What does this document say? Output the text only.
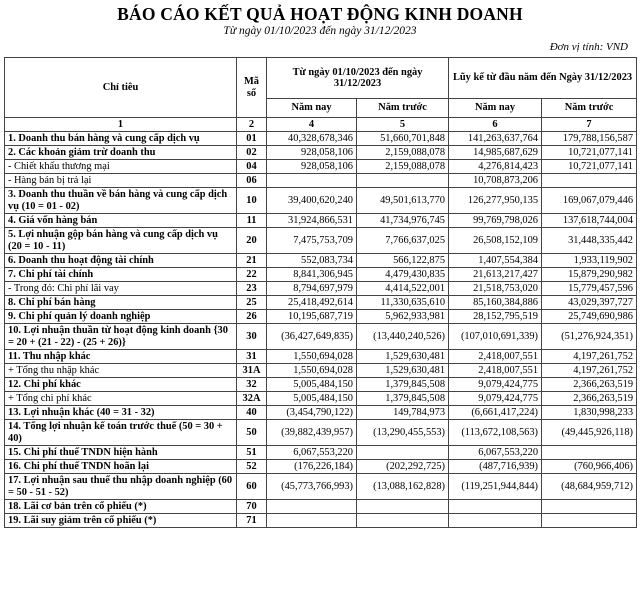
BÁO CÁO KẾT QUẢ HOẠT ĐỘNG KINH DOANH
Từ ngày 01/10/2023 đến ngày 31/12/2023
Đơn vị tính: VND
Chỉ tiêu	Mã số	Từ ngày 01/10/2023 đến ngày 31/12/2023		Lũy kế từ đầu năm đến Ngày 31/12/2023	
		Năm nay	Năm trước	Năm nay	Năm trước
1	2	4	5	6	7
1. Doanh thu bán hàng và cung cấp dịch vụ	01	40,328,678,346	51,660,701,848	141,263,637,764	179,788,156,587
2. Các khoản giảm trừ doanh thu	02	928,058,106	2,159,088,078	14,985,687,629	10,721,077,141
- Chiết khấu thương mại	04	928,058,106	2,159,088,078	4,276,814,423	10,721,077,141
- Hàng bán bị trả lại	06			10,708,873,206	
3. Doanh thu thuần về bán hàng và cung cấp dịch vụ (10 = 01 - 02)	10	39,400,620,240	49,501,613,770	126,277,950,135	169,067,079,446
4. Giá vốn hàng bán	11	31,924,866,531	41,734,976,745	99,769,798,026	137,618,744,004
5. Lợi nhuận gộp bán hàng và cung cấp dịch vụ (20 = 10 - 11)	20	7,475,753,709	7,766,637,025	26,508,152,109	31,448,335,442
6. Doanh thu hoạt động tài chính	21	552,083,734	566,122,875	1,407,554,384	1,933,119,902
7. Chi phí tài chính	22	8,841,306,945	4,479,430,835	21,613,217,427	15,879,290,982
- Trong đó: Chi phí lãi vay	23	8,794,697,979	4,414,522,001	21,518,753,020	15,779,457,596
8. Chi phí bán hàng	25	25,418,492,614	11,330,635,610	85,160,384,886	43,029,397,727
9. Chi phí quản lý doanh nghiệp	26	10,195,687,719	5,962,933,981	28,152,795,519	25,749,690,986
10. Lợi nhuận thuần từ hoạt động kinh doanh {30 = 20 + (21 - 22) - (25 + 26)}	30	(36,427,649,835)	(13,440,240,526)	(107,010,691,339)	(51,276,924,351)
11. Thu nhập khác	31	1,550,694,028	1,529,630,481	2,418,007,551	4,197,261,752
+ Tổng thu nhập khác	31A	1,550,694,028	1,529,630,481	2,418,007,551	4,197,261,752
12. Chi phí khác	32	5,005,484,150	1,379,845,508	9,079,424,775	2,366,263,519
+ Tổng chi phí khác	32A	5,005,484,150	1,379,845,508	9,079,424,775	2,366,263,519
13. Lợi nhuận khác (40 = 31 - 32)	40	(3,454,790,122)	149,784,973	(6,661,417,224)	1,830,998,233
14. Tổng lợi nhuận kế toán trước thuế (50 = 30 + 40)	50	(39,882,439,957)	(13,290,455,553)	(113,672,108,563)	(49,445,926,118)
15. Chi phí thuế TNDN hiện hành	51	6,067,553,220		6,067,553,220	
16. Chi phí thuế TNDN hoãn lại	52	(176,226,184)	(202,292,725)	(487,716,939)	(760,966,406)
17. Lợi nhuận sau thuế thu nhập doanh nghiệp (60 = 50 - 51 - 52)	60	(45,773,766,993)	(13,088,162,828)	(119,251,944,844)	(48,684,959,712)
18. Lãi cơ bản trên cổ phiếu (*)	70				
19. Lãi suy giảm trên cổ phiếu (*)	71				
